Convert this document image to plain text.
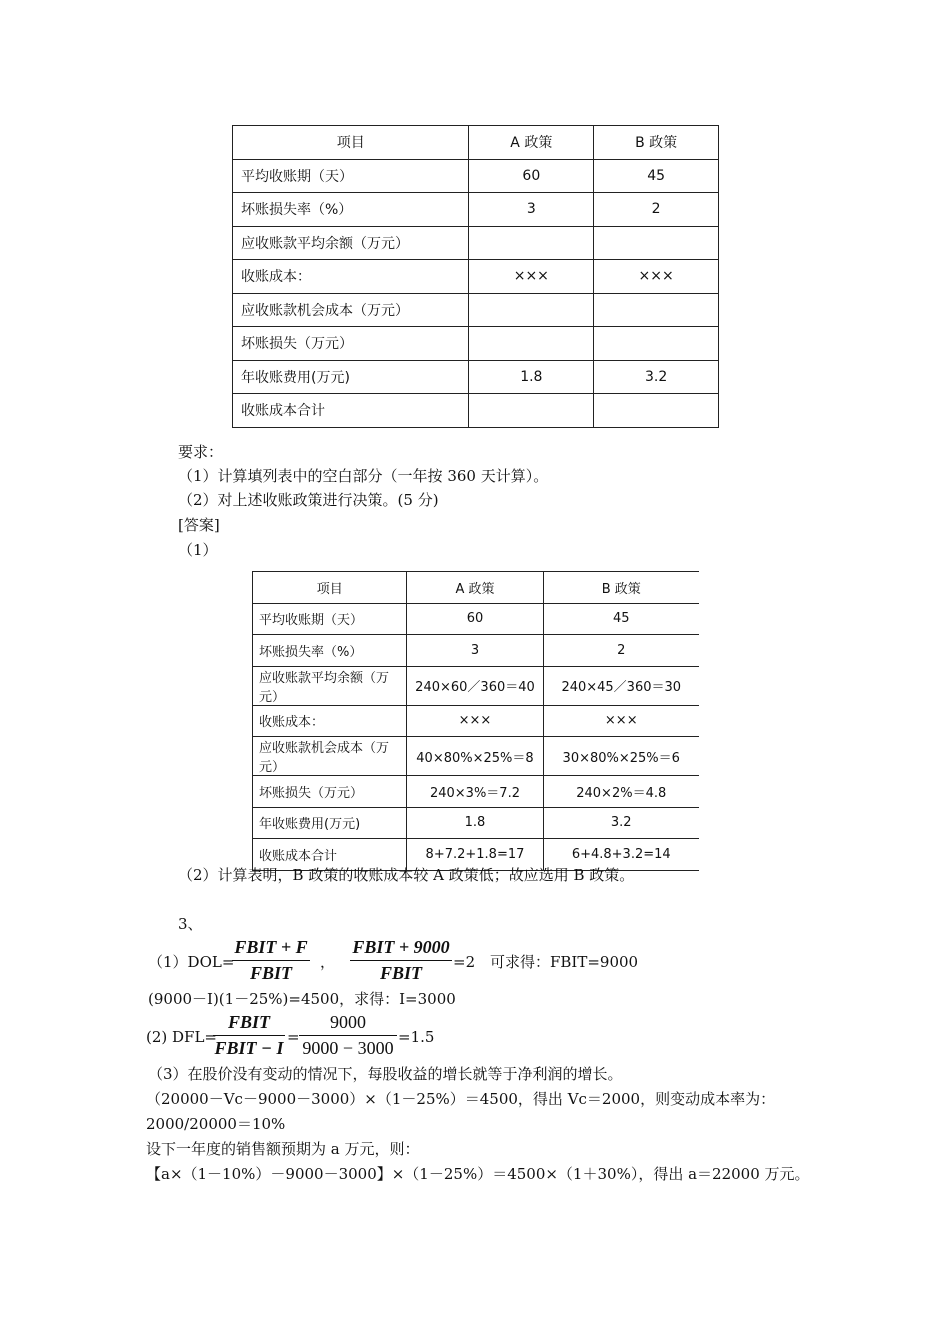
项目	A 政策	B 政策
平均收账期（天）	60	45
坏账损失率（%）	3	2
应收账款平均余额（万元）		
收账成本：	×××	×××
应收账款机会成本（万元）		
坏账损失（万元）		
年收账费用(万元)	1.8	3.2
收账成本合计		
要求：
（1）计算填列表中的空白部分（一年按 360 天计算）。
（2）对上述收账政策进行决策。(5 分)
[答案]
（1）
项目	A 政策	B 政策
平均收账期（天）	60	45
坏账损失率（%）	3	2
应收账款平均余额（万元）	240×60／360＝40	240×45／360＝30
收账成本：	×××	×××
应收账款机会成本（万元）	40×80%×25%＝8	30×80%×25%＝6
坏账损失（万元）	240×3%＝7.2	240×2%＝4.8
年收账费用(万元)	1.8	3.2
收账成本合计	8+7.2+1.8=17	6+4.8+3.2=14
（2）计算表明，B 政策的收账成本较 A 政策低；故应选用 B 政策。
3、
（1）DOL=
FBIT + F
FBIT
，
FBIT + 9000
FBIT
=2 可求得：FBIT=9000
(9000－I)(1－25%)=4500，求得：I=3000
(2) DFL=
FBIT
FBIT − I
=
9000
9000 − 3000
=1.5
（3）在股价没有变动的情况下，每股收益的增长就等于净利润的增长。
（20000－Vc－9000－3000）×（1－25%）＝4500，得出 Vc＝2000，则变动成本率为：
2000/20000＝10%
设下一年度的销售额预期为 a 万元，则：
【a×（1－10%）－9000－3000】×（1－25%）＝4500×（1＋30%），得出 a＝22000 万元。
